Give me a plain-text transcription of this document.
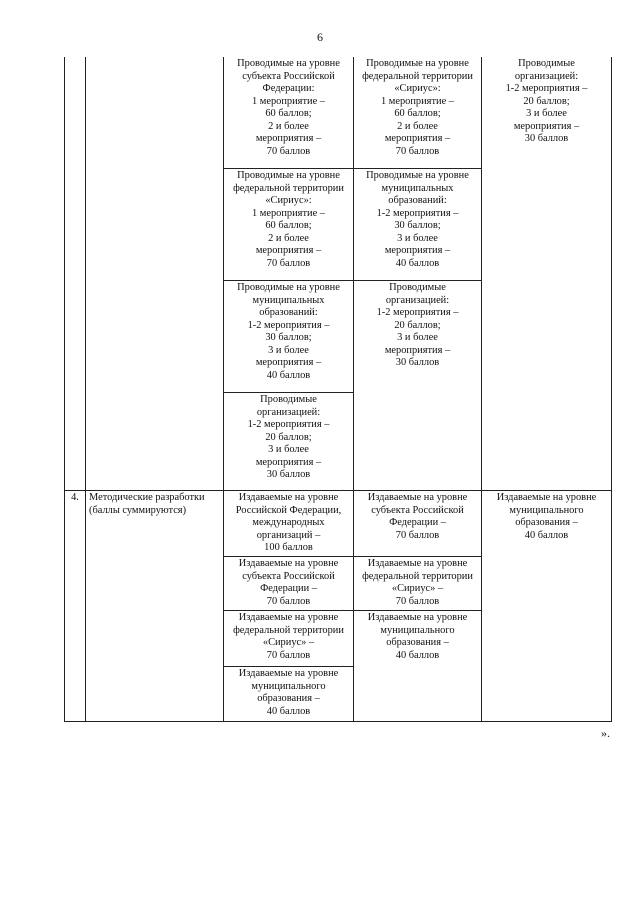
6
Проводимые на уровне
субъекта Российской
Федерации:
1 мероприятие –
60 баллов;
2 и более
мероприятия –
70 баллов
Проводимые на уровне
федеральной территории
«Сириус»:
1 мероприятие –
60 баллов;
2 и более
мероприятия –
70 баллов
Проводимые на уровне
муниципальных
образований:
1-2 мероприятия –
30 баллов;
3 и более
мероприятия –
40 баллов
Проводимые
организацией:
1-2 мероприятия –
20 баллов;
3 и более
мероприятия –
30 баллов
Проводимые на уровне
федеральной территории
«Сириус»:
1 мероприятие –
60 баллов;
2 и более
мероприятия –
70 баллов
Проводимые на уровне
муниципальных
образований:
1-2 мероприятия –
30 баллов;
3 и более
мероприятия –
40 баллов
Проводимые
организацией:
1-2 мероприятия –
20 баллов;
3 и более
мероприятия –
30 баллов
Проводимые
организацией:
1-2 мероприятия –
20 баллов;
3 и более
мероприятия –
30 баллов
4. Методические разработки
(баллы суммируются)
Издаваемые на уровне
Российской Федерации,
международных
организаций –
100 баллов
Издаваемые на уровне
субъекта Российской
Федерации –
70 баллов
Издаваемые на уровне
федеральной территории
«Сириус» –
70 баллов
Издаваемые на уровне
муниципального
образования –
40 баллов
Издаваемые на уровне
субъекта Российской
Федерации –
70 баллов
Издаваемые на уровне
федеральной территории
«Сириус» –
70 баллов
Издаваемые на уровне
муниципального
образования –
40 баллов
Издаваемые на уровне
муниципального
образования –
40 баллов
».
